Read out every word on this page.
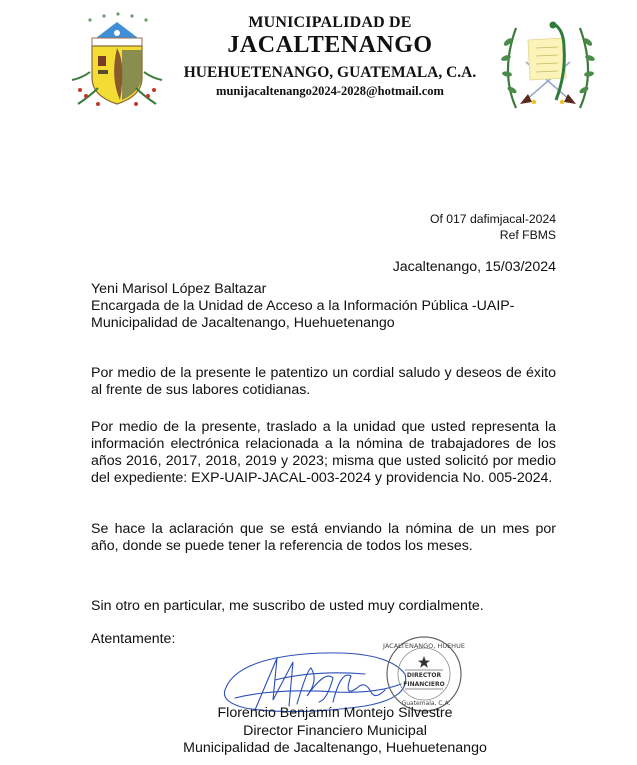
MUNICIPALIDAD DE
JACALTENANGO
HUEHUETENANGO, GUATEMALA, C.A.
munijacaltenango2024-2028@hotmail.com
Of 017 dafimjacal-2024
Ref FBMS
Jacaltenango, 15/03/2024
Yeni Marisol López Baltazar
Encargada de la Unidad de Acceso a la Información Pública -UAIP-
Municipalidad de Jacaltenango, Huehuetenango
Por medio de la presente le patentizo un cordial saludo y deseos de éxito al frente de sus labores cotidianas.
Por medio de la presente, traslado a la unidad que usted representa la información electrónica relacionada a la nómina de trabajadores de los años 2016, 2017, 2018, 2019 y 2023; misma que usted solicitó por medio del expediente: EXP-UAIP-JACAL-003-2024 y providencia No. 005-2024.
Se hace la aclaración que se está enviando la nómina de un mes por año, donde se puede tener la referencia de todos los meses.
Sin otro en particular, me suscribo de usted muy cordialmente.
Atentamente:	JACALTENANGO, HUEHUE
DIRECTOR
FINANCIERO
Guatemala, C.A.
Florencio Benjamín Montejo Silvestre
Director Financiero Municipal
Municipalidad de Jacaltenango, Huehuetenango
